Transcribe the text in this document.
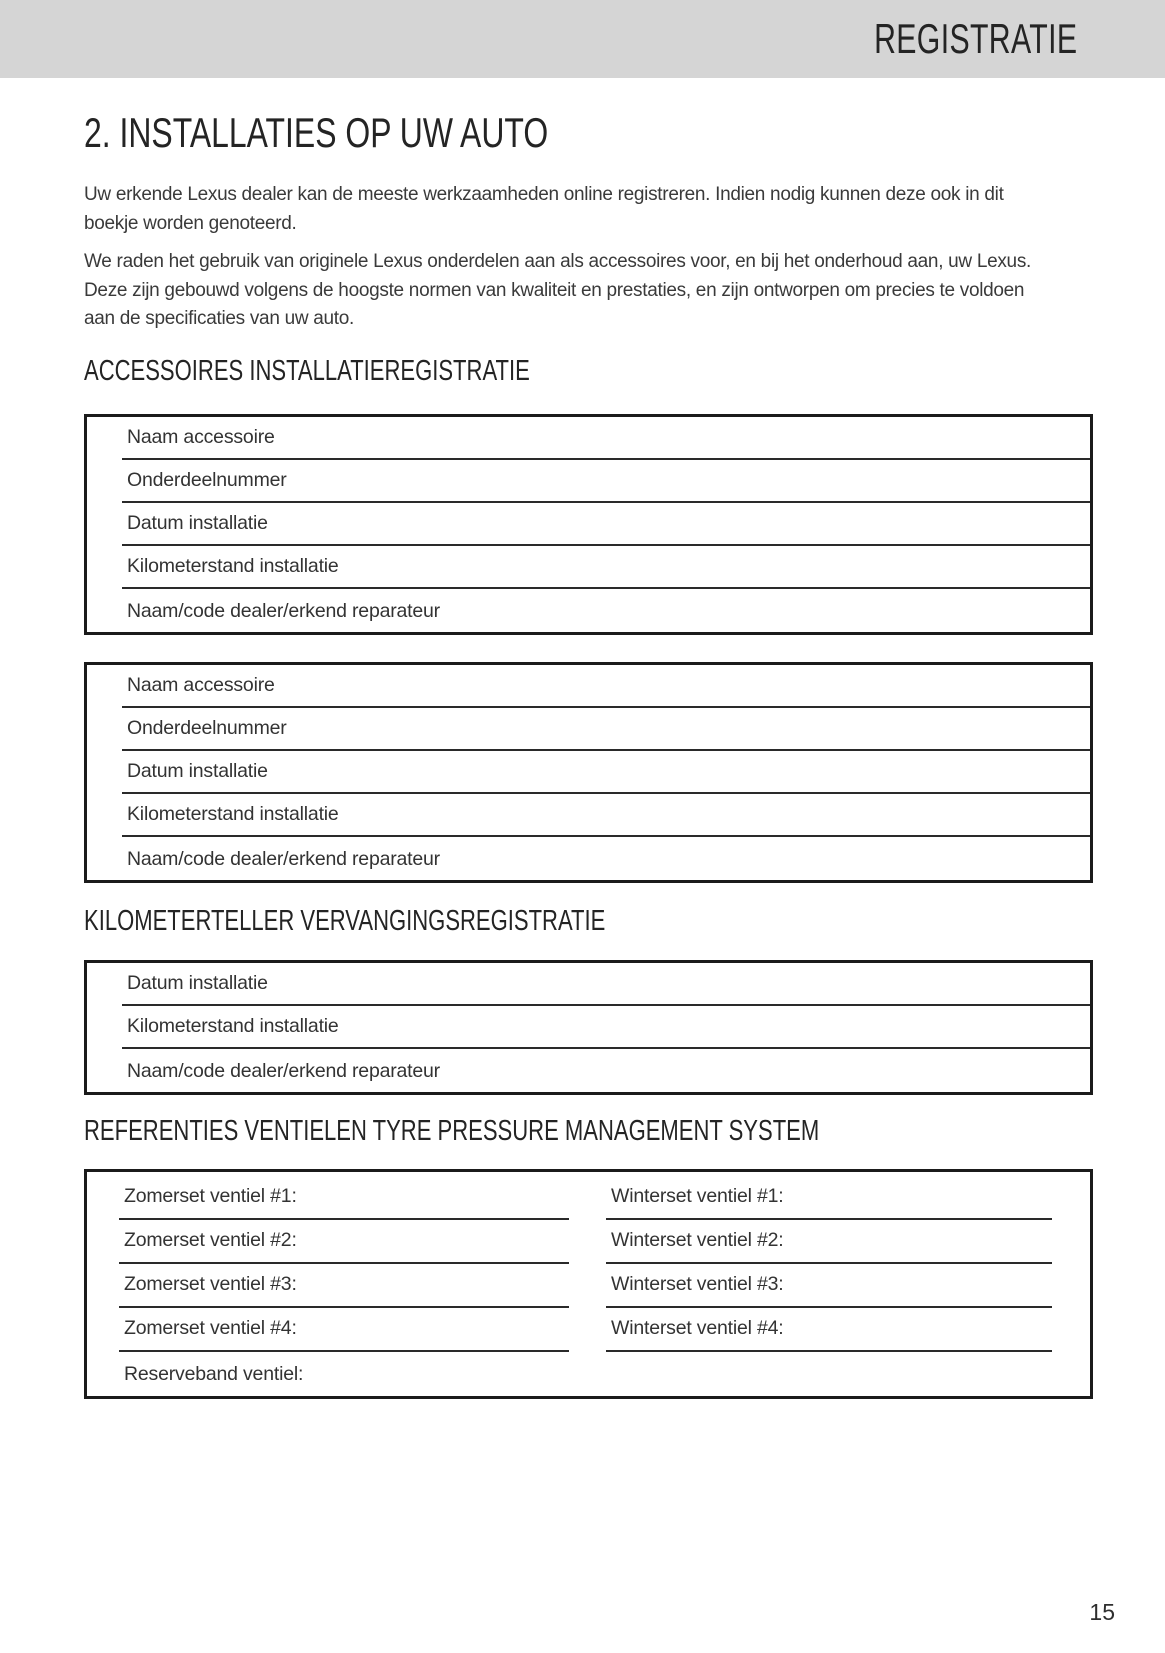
REGISTRATIE
2. INSTALLATIES OP UW AUTO

Uw erkende Lexus dealer kan de meeste werkzaamheden online registreren. Indien nodig kunnen deze ook in dit
boekje worden genoteerd.

We raden het gebruik van originele Lexus onderdelen aan als accessoires voor, en bij het onderhoud aan, uw Lexus.
Deze zijn gebouwd volgens de hoogste normen van kwaliteit en prestaties, en zijn ontworpen om precies te voldoen
aan de specificaties van uw auto.

ACCESSOIRES INSTALLATIEREGISTRATIE
Naam accessoire
Onderdeelnummer
Datum installatie
Kilometerstand installatie
Naam/code dealer/erkend reparateur
Naam accessoire
Onderdeelnummer
Datum installatie
Kilometerstand installatie
Naam/code dealer/erkend reparateur
KILOMETERTELLER VERVANGINGSREGISTRATIE
Datum installatie
Kilometerstand installatie
Naam/code dealer/erkend reparateur
REFERENTIES VENTIELEN TYRE PRESSURE MANAGEMENT SYSTEM
Zomerset ventiel #1:
Zomerset ventiel #2:
Zomerset ventiel #3:
Zomerset ventiel #4:
Reserveband ventiel:
Winterset ventiel #1:
Winterset ventiel #2:
Winterset ventiel #3:
Winterset ventiel #4:
15
